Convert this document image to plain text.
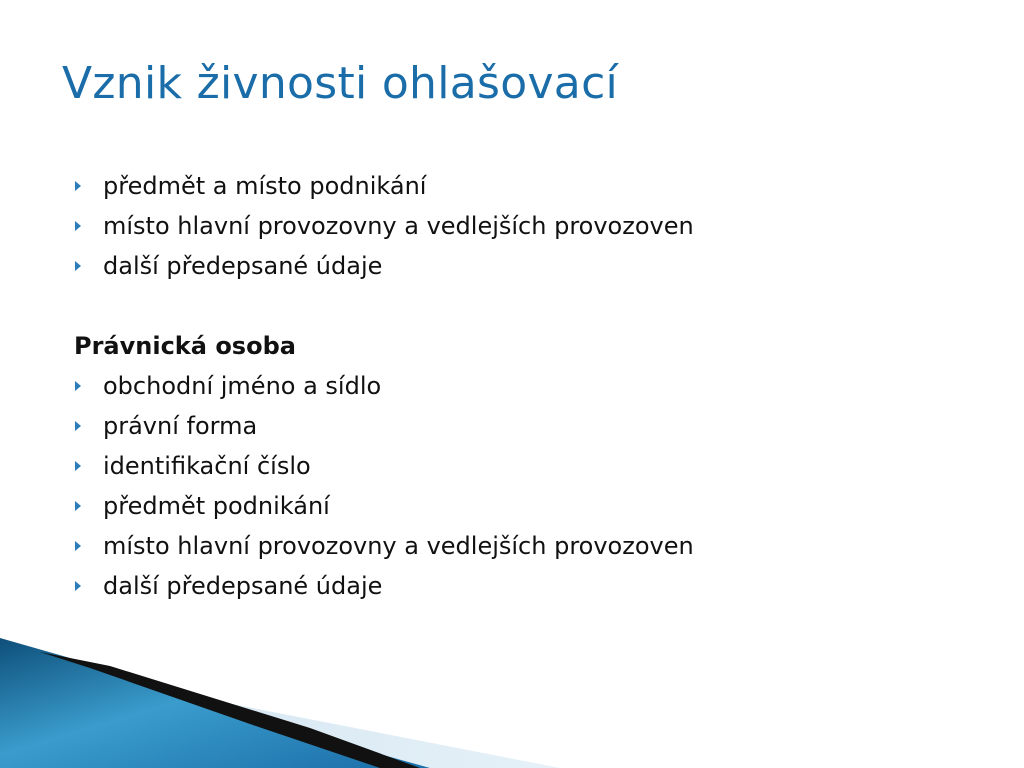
Vznik živnosti ohlašovací
předmět a místo podnikání
místo hlavní provozovny a vedlejších provozoven
další předepsané údaje
Právnická osoba
obchodní jméno a sídlo
právní forma
identifikační číslo
předmět podnikání
místo hlavní provozovny a vedlejších provozoven
další předepsané údaje
